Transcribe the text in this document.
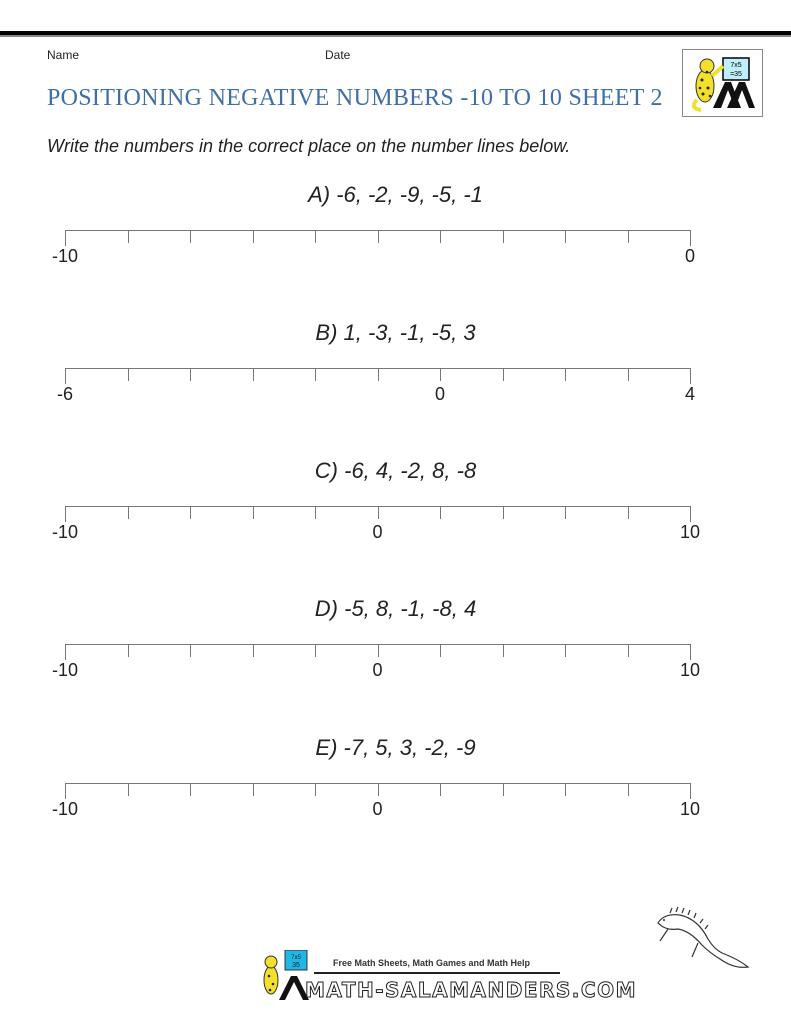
Name	Date
POSITIONING NEGATIVE NUMBERS -10 TO 10 SHEET 2
7x5
=35
Write the numbers in the correct place on the number lines below.
A) -6, -2, -9, -5, -1
-10	0
B) 1, -3, -1, -5, 3
-6	0	4
C) -6, 4, -2, 8, -8
-10	0	10
D) -5, 8, -1, -8, 4
-10	0	10
E) -7, 5, 3, -2, -9
-10	0	10
7x5
35	Free Math Sheets, Math Games and Math Help
MATH-SALAMANDERS.COM
